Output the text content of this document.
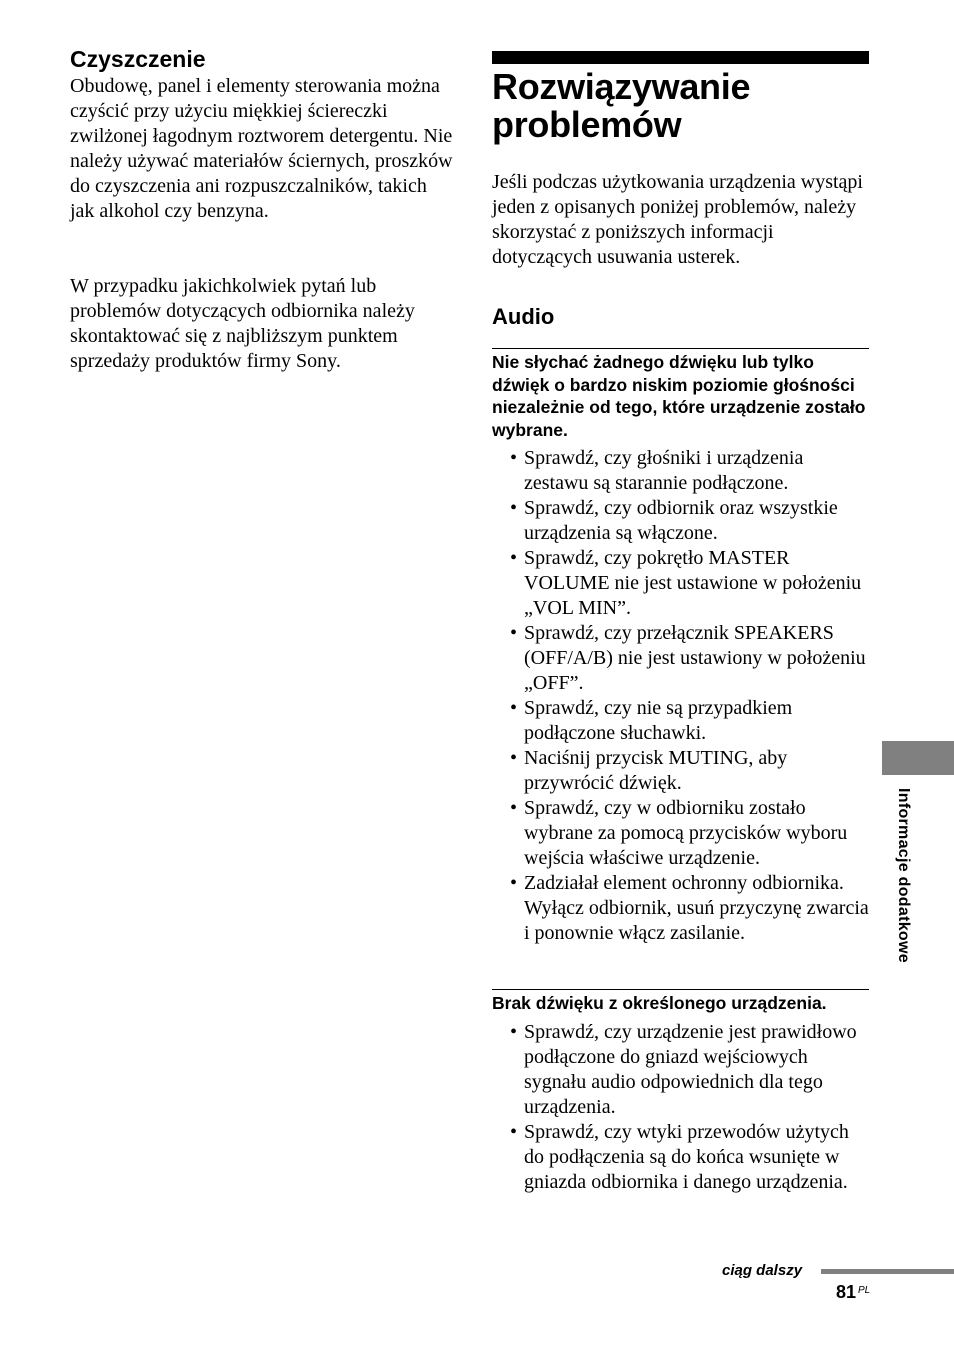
Czyszczenie

Obudowę, panel i elementy sterowania można czyścić przy użyciu miękkiej ściereczki zwilżonej łagodnym roztworem detergentu. Nie należy używać materiałów ściernych, proszków do czyszczenia ani rozpuszczalników, takich jak alkohol czy benzyna.

W przypadku jakichkolwiek pytań lub problemów dotyczących odbiornika należy skontaktować się z najbliższym punktem sprzedaży produktów firmy Sony.

Rozwiązywanie
problemów

Jeśli podczas użytkowania urządzenia wystąpi jeden z opisanych poniżej problemów, należy skorzystać z poniższych informacji dotyczących usuwania usterek.

Audio

Nie słychać żadnego dźwięku lub tylko dźwięk o bardzo niskim poziomie głośności niezależnie od tego, które urządzenie zostało wybrane.

• Sprawdź, czy głośniki i urządzenia zestawu są starannie podłączone.
• Sprawdź, czy odbiornik oraz wszystkie urządzenia są włączone.
• Sprawdź, czy pokrętło MASTER VOLUME nie jest ustawione w położeniu „VOL MIN”.
• Sprawdź, czy przełącznik SPEAKERS (OFF/A/B) nie jest ustawiony w położeniu „OFF”.
• Sprawdź, czy nie są przypadkiem podłączone słuchawki.
• Naciśnij przycisk MUTING, aby przywrócić dźwięk.
• Sprawdź, czy w odbiorniku zostało wybrane za pomocą przycisków wyboru wejścia właściwe urządzenie.
• Zadziałał element ochronny odbiornika. Wyłącz odbiornik, usuń przyczynę zwarcia i ponownie włącz zasilanie.

Brak dźwięku z określonego urządzenia.

• Sprawdź, czy urządzenie jest prawidłowo podłączone do gniazd wejściowych sygnału audio odpowiednich dla tego urządzenia.
• Sprawdź, czy wtyki przewodów użytych do podłączenia są do końca wsunięte w gniazda odbiornika i danego urządzenia.
Informacje dodatkowe
ciąg dalszy
81 PL
